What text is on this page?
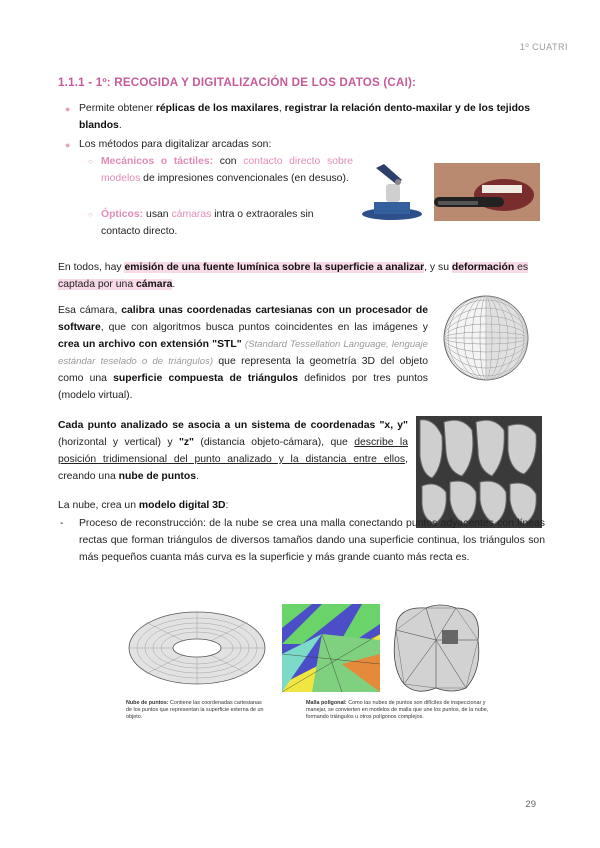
1º CUATRI
1.1.1 - 1º: RECOGIDA Y DIGITALIZACIÓN DE LOS DATOS (CAI):
● Permite obtener réplicas de los maxilares, registrar la relación dento-maxilar y de los tejidos blandos.
● Los métodos para digitalizar arcadas son:
○ Mecánicos o táctiles: con contacto directo sobre modelos de impresiones convencionales (en desuso).
○ Ópticos: usan cámaras intra o extraorales sin contacto directo.
En todos, hay emisión de una fuente lumínica sobre la superficie a analizar, y su deformación es captada por una cámara.
Esa cámara, calibra unas coordenadas cartesianas con un procesador de software, que con algoritmos busca puntos coincidentes en las imágenes y crea un archivo con extensión "STL" (Standard Tessellation Language, lenguaje estándar teselado o de triángulos) que representa la geometría 3D del objeto como una superficie compuesta de triángulos definidos por tres puntos (modelo virtual).
Cada punto analizado se asocia a un sistema de coordenadas "x, y" (horizontal y vertical) y "z" (distancia objeto-cámara), que describe la posición tridimensional del punto analizado y la distancia entre ellos, creando una nube de puntos.
La nube, crea un modelo digital 3D:
-	Proceso de reconstrucción: de la nube se crea una malla conectando puntos adyacentes con líneas rectas que forman triángulos de diversos tamaños dando una superficie continua, los triángulos son más pequeños cuanta más curva es la superficie y más grande cuanto más recta es.
Nube de puntos: Contiene las coordenadas cartesianas de los puntos que representan la superficie externa de un objeto.
Malla poligonal: Como las nubes de puntos son difíciles de inspeccionar y manejar, se convierten en modelos de malla que une los puntos, de la nube, formando triángulos u otros polígonos complejos.
29
